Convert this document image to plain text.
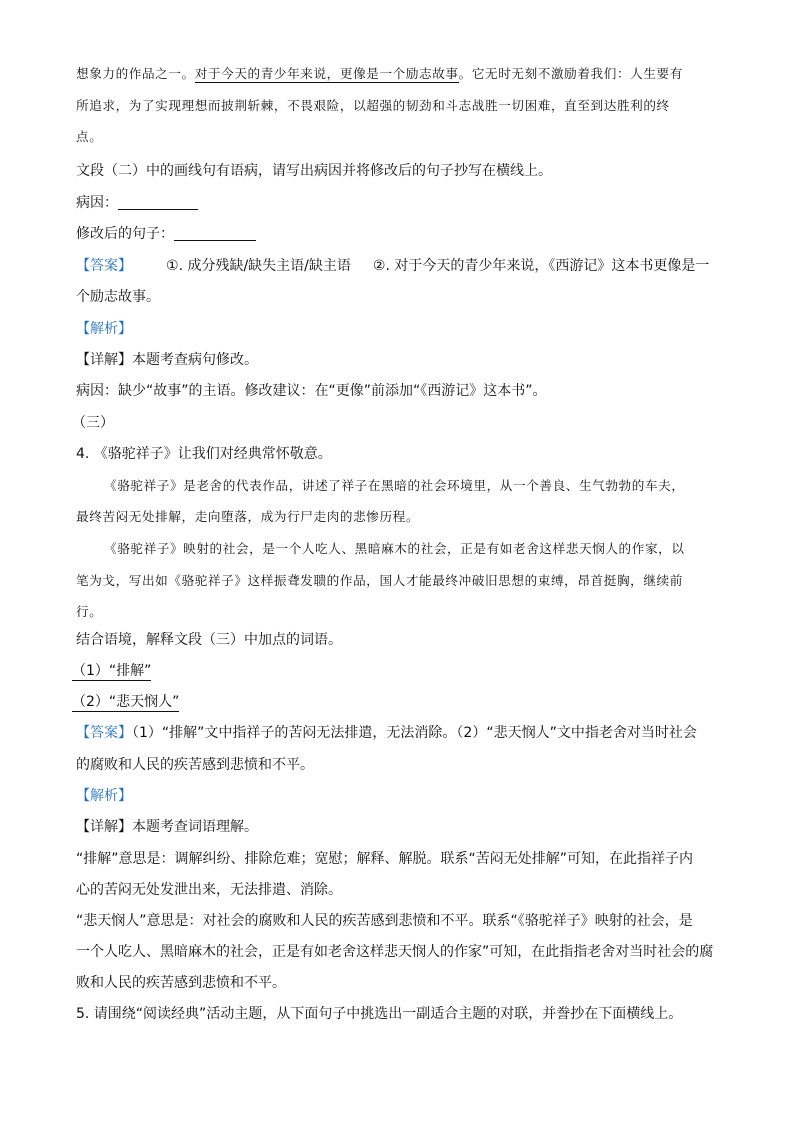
想象力的作品之一。对于今天的青少年来说，更像是一个励志故事。它无时无刻不激励着我们：人生要有
所追求，为了实现理想而披荆斩棘，不畏艰险，以超强的韧劲和斗志战胜一切困难，直至到达胜利的终
点。
文段（二）中的画线句有语病，请写出病因并将修改后的句子抄写在横线上。
病因：
修改后的句子：
【答案】 ①. 成分残缺/缺失主语/缺主语 ②. 对于今天的青少年来说，《西游记》这本书更像是一
个励志故事。
【解析】
【详解】本题考查病句修改。
病因：缺少“故事”的主语。修改建议：在“更像”前添加“《西游记》这本书”。
（三）
4. 《骆驼祥子》让我们对经典常怀敬意。
《骆驼祥子》是老舍的代表作品，讲述了祥子在黑暗的社会环境里，从一个善良、生气勃勃的车夫，
最终苦闷无处排解，走向堕落，成为行尸走肉的悲惨历程。
《骆驼祥子》映射的社会，是一个人吃人、黑暗麻木的社会，正是有如老舍这样悲天悯人的作家，以
笔为戈，写出如《骆驼祥子》这样振聋发聩的作品，国人才能最终冲破旧思想的束缚，昂首挺胸，继续前
行。
结合语境，解释文段（三）中加点的词语。
（1）“排解”
（2）“悲天悯人”
【答案】（1）“排解”文中指祥子的苦闷无法排遣，无法消除。（2）“悲天悯人”文中指老舍对当时社会
的腐败和人民的疾苦感到悲愤和不平。
【解析】
【详解】本题考查词语理解。
“排解”意思是：调解纠纷、排除危难；宽慰；解释、解脱。联系“苦闷无处排解”可知，在此指祥子内
心的苦闷无处发泄出来，无法排遣、消除。
“悲天悯人”意思是：对社会的腐败和人民的疾苦感到悲愤和不平。联系“《骆驼祥子》映射的社会，是
一个人吃人、黑暗麻木的社会，正是有如老舍这样悲天悯人的作家”可知，在此指指老舍对当时社会的腐
败和人民的疾苦感到悲愤和不平。
5. 请围绕“阅读经典”活动主题，从下面句子中挑选出一副适合主题的对联，并誊抄在下面横线上。
